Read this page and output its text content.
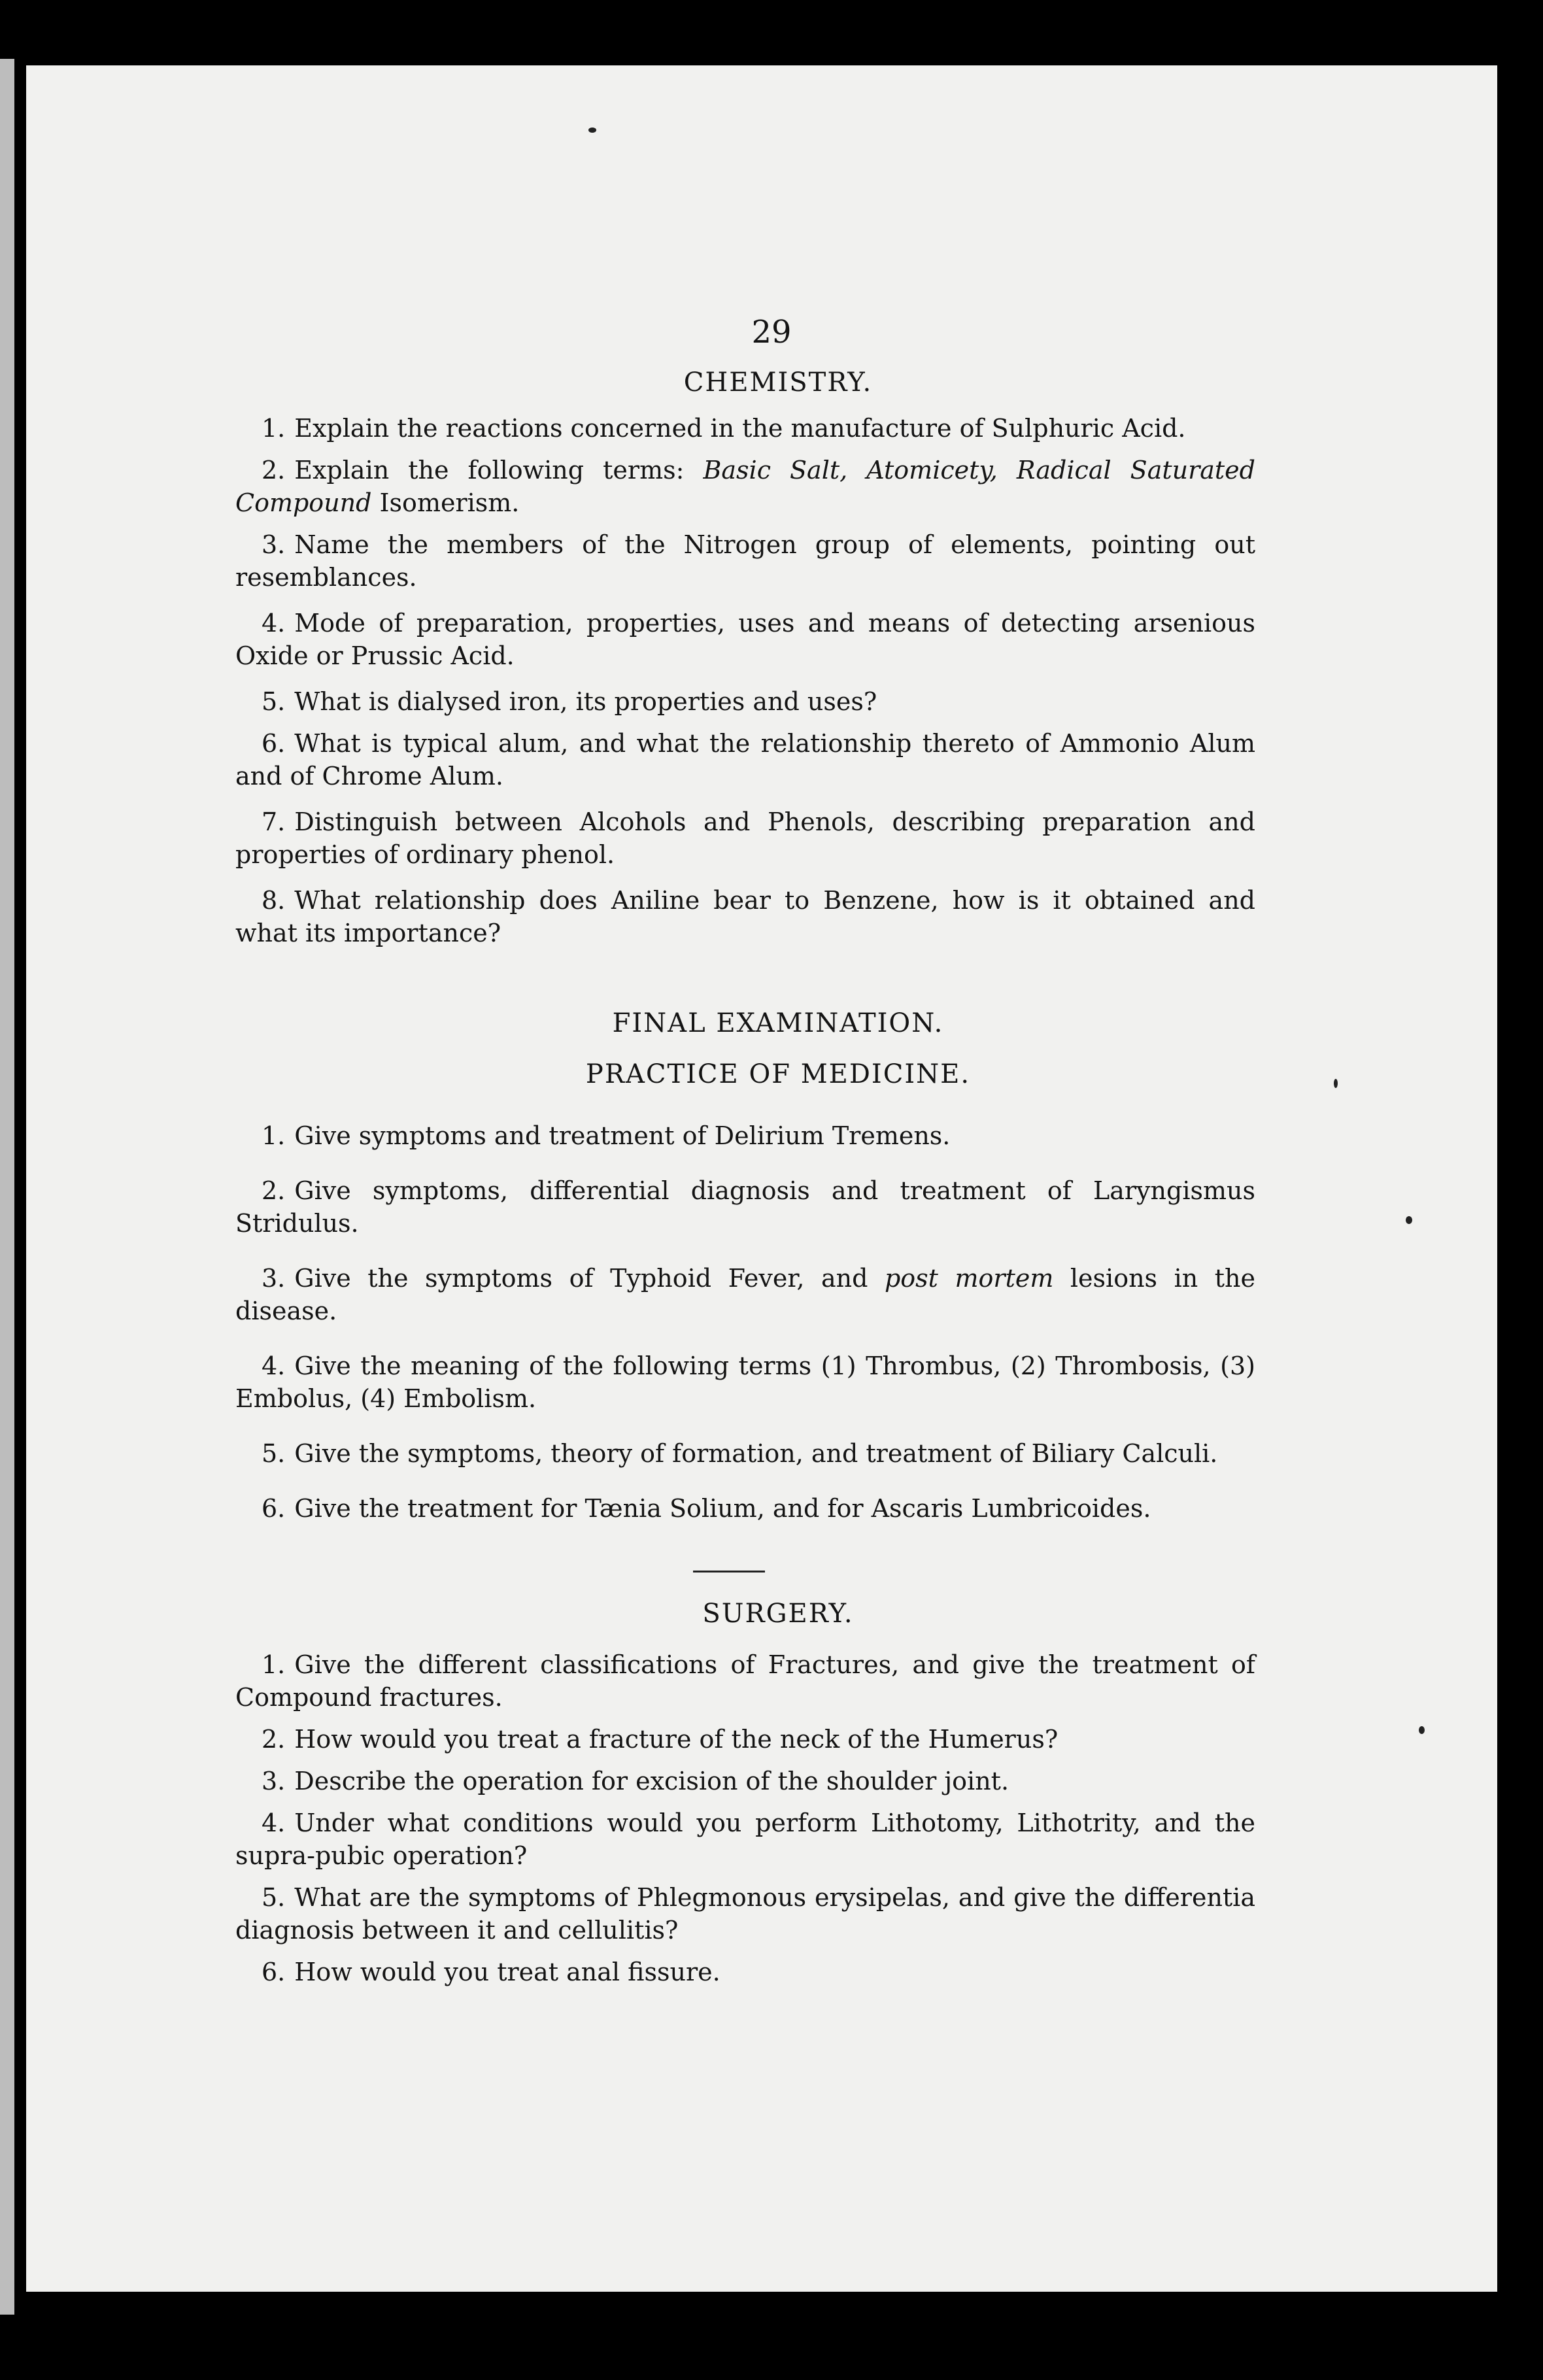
29
CHEMISTRY.

1. Explain the reactions concerned in the manufacture of Sulphuric Acid.

2. Explain the following terms: Basic Salt, Atomicety, Radical Saturated Compound Isomerism.

3. Name the members of the Nitrogen group of elements, pointing out resemblances.

4. Mode of preparation, properties, uses and means of detecting arsenious Oxide or Prussic Acid.

5. What is dialysed iron, its properties and uses?

6. What is typical alum, and what the relationship thereto of Ammonio Alum and of Chrome Alum.

7. Distinguish between Alcohols and Phenols, describing preparation and properties of ordinary phenol.

8. What relationship does Aniline bear to Benzene, how is it obtained and what its importance?

FINAL EXAMINATION.
PRACTICE OF MEDICINE.

1. Give symptoms and treatment of Delirium Tremens.

2. Give symptoms, differential diagnosis and treatment of Laryngismus Stridulus.

3. Give the symptoms of Typhoid Fever, and post mortem lesions in the disease.

4. Give the meaning of the following terms (1) Thrombus, (2) Thrombosis, (3) Embolus, (4) Embolism.

5. Give the symptoms, theory of formation, and treatment of Biliary Calculi.

6. Give the treatment for Tænia Solium, and for Ascaris Lumbricoides.

SURGERY.

1. Give the different classifications of Fractures, and give the treatment of Compound fractures.

2. How would you treat a fracture of the neck of the Humerus?

3. Describe the operation for excision of the shoulder joint.

4. Under what conditions would you perform Lithotomy, Lithotrity, and the supra-pubic operation?

5. What are the symptoms of Phlegmonous erysipelas, and give the differentia diagnosis between it and cellulitis?

6. How would you treat anal fissure.
